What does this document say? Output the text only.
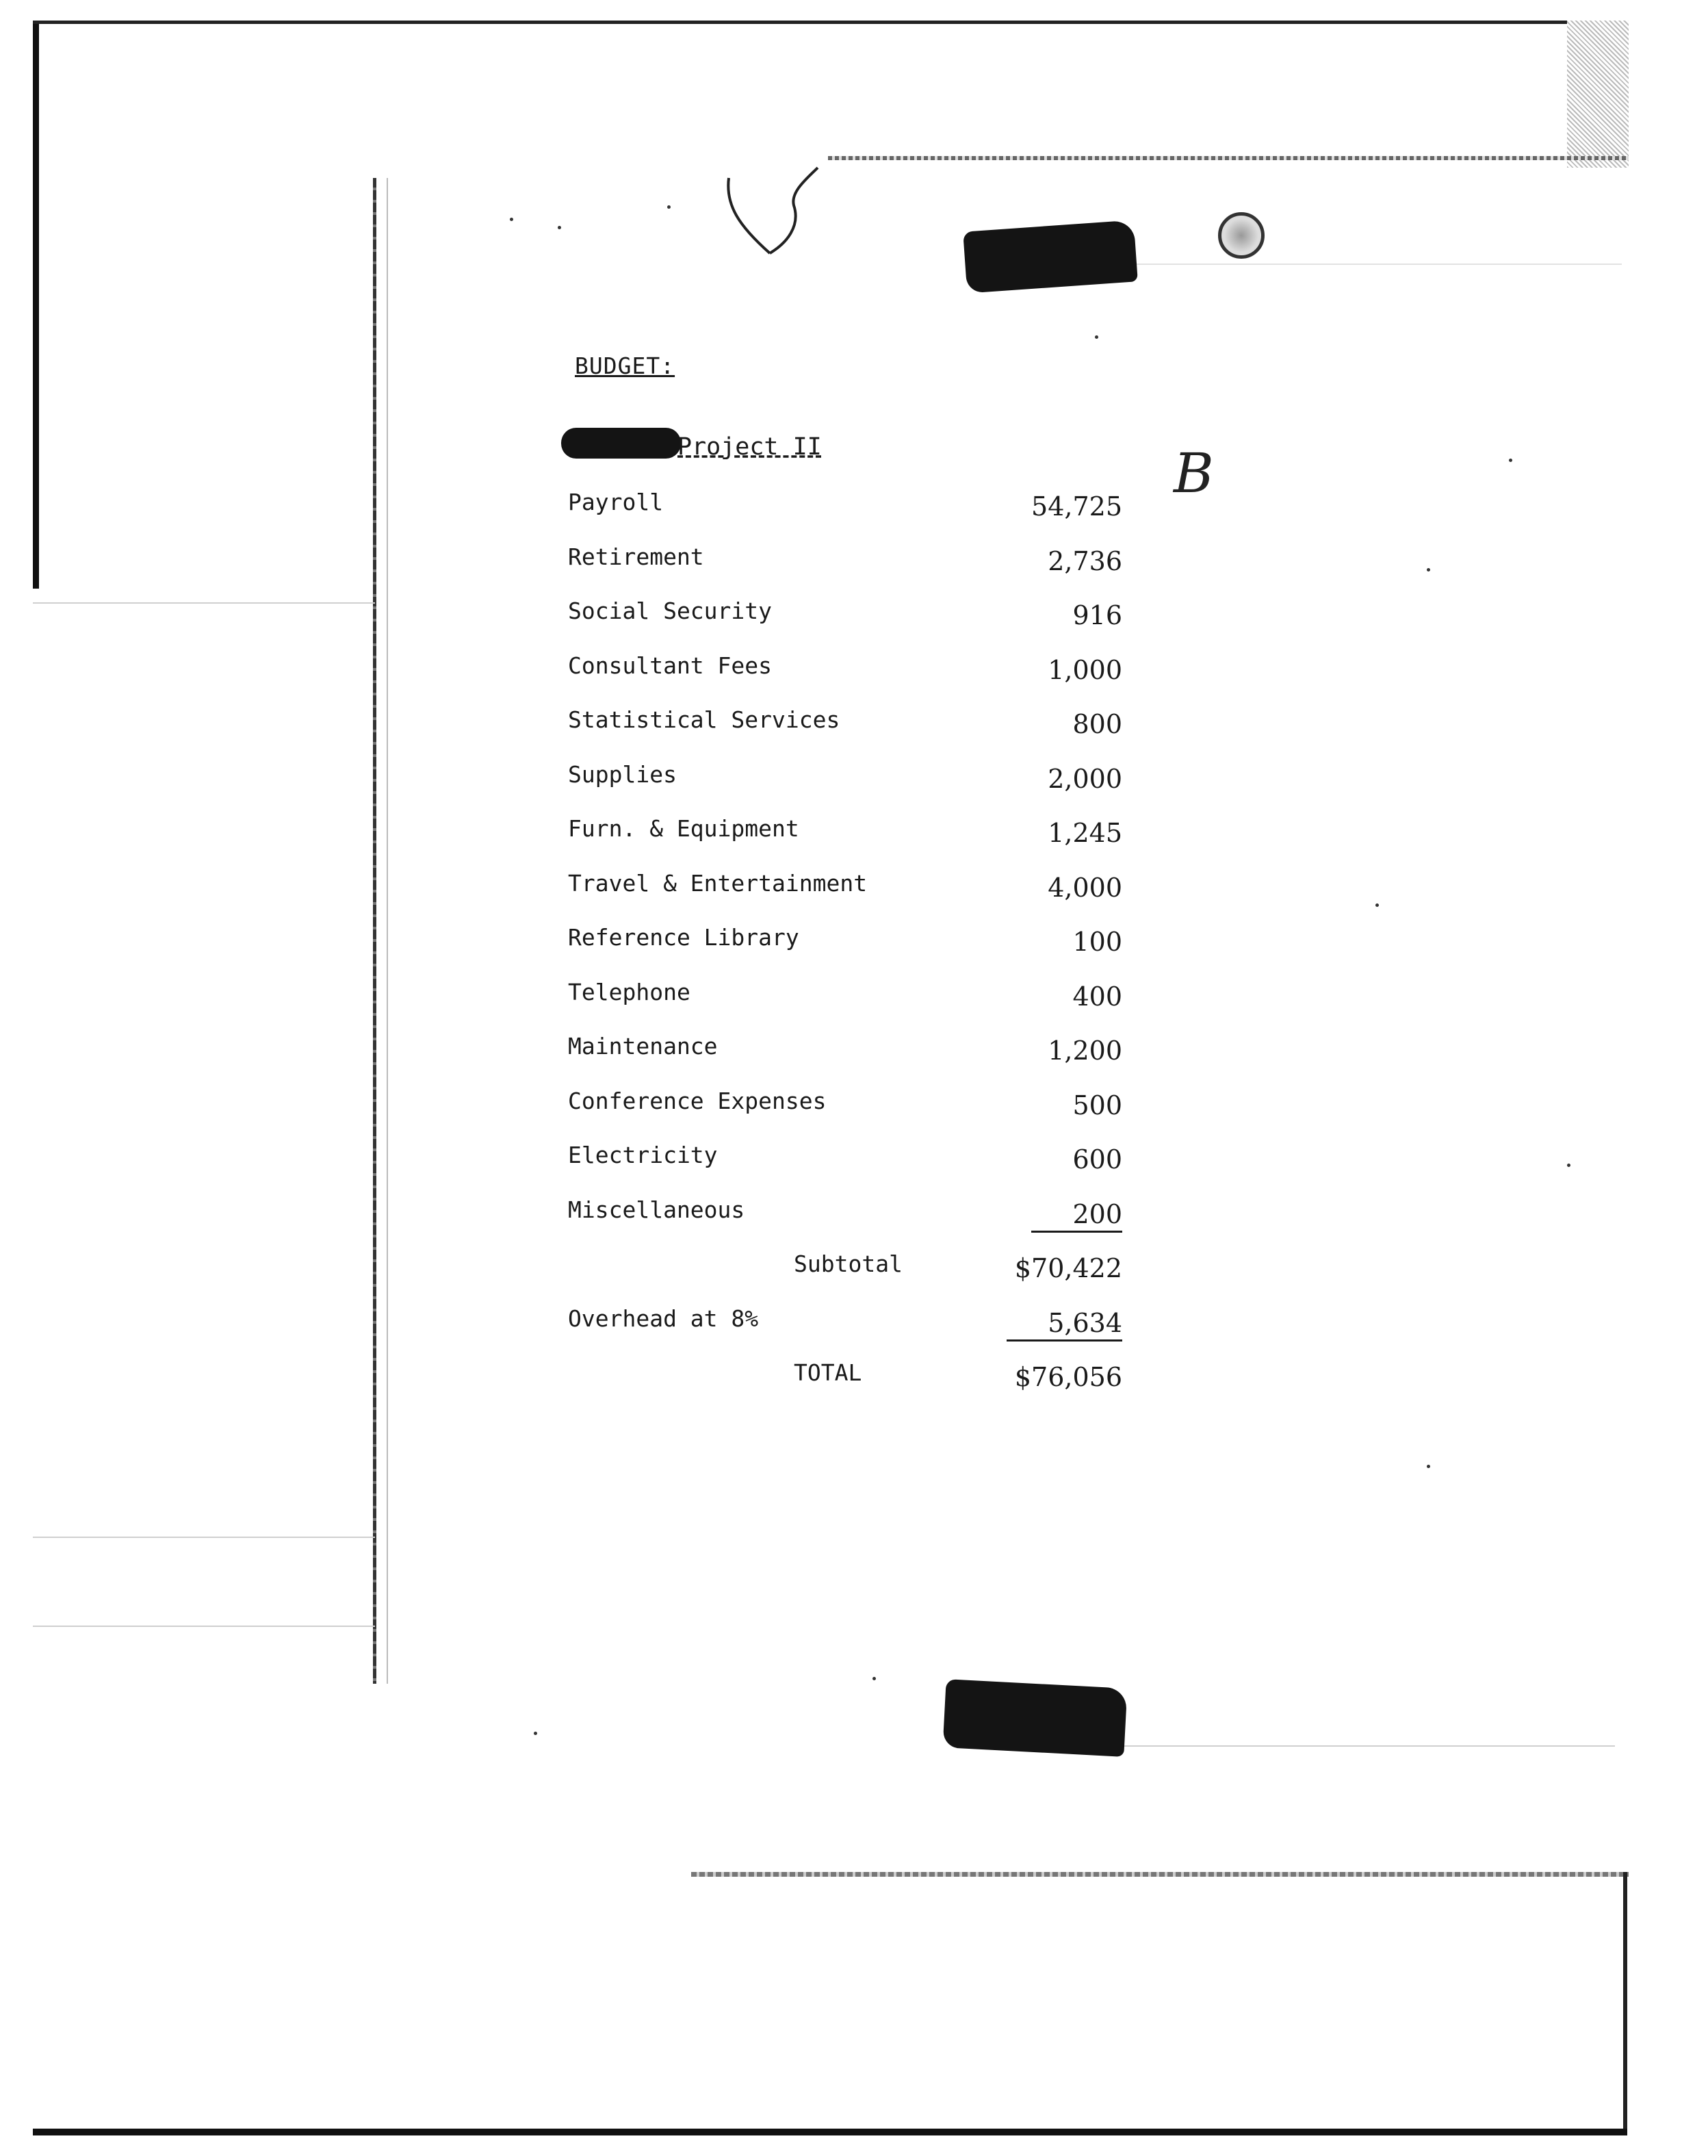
BUDGET:
Project II	B
Payroll	54,725
Retirement	2,736
Social Security	916
Consultant Fees	1,000
Statistical Services	800
Supplies	2,000
Furn. & Equipment	1,245
Travel & Entertainment	4,000
Reference Library	100
Telephone	400
Maintenance	1,200
Conference Expenses	500
Electricity	600
Miscellaneous	200
Subtotal	$70,422
Overhead at 8%	5,634
TOTAL	$76,056
